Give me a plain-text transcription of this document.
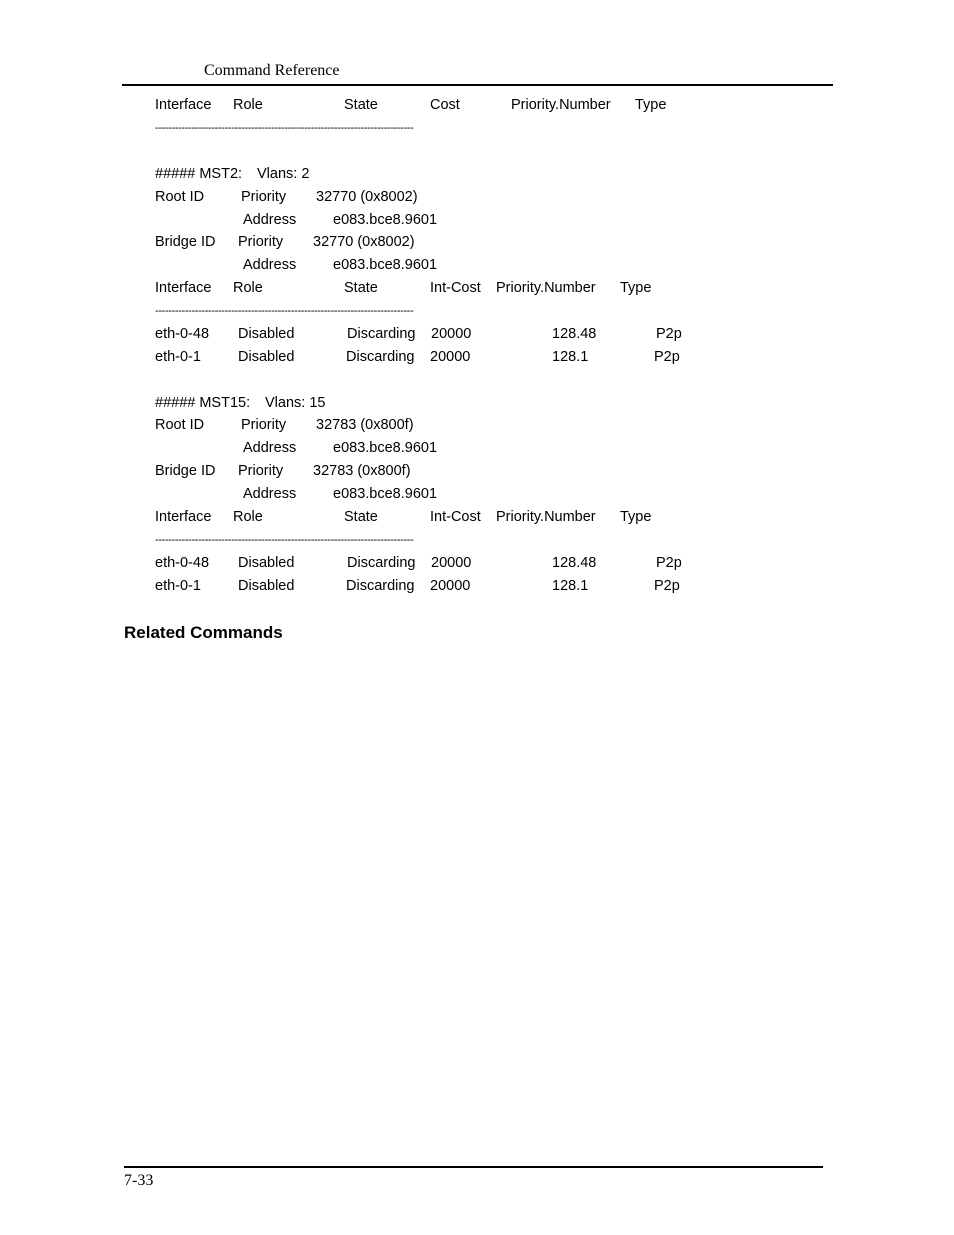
Command Reference
Interface Role	State	Cost	Priority.Number Type
------------------------------------------------------------------------------
##### MST2: Vlans: 2
Root ID	Priority 32770 (0x8002)
Address	e083.bce8.9601
Bridge ID Priority 32770 (0x8002)
Address	e083.bce8.9601
Interface Role	State	Int-Cost Priority.Number Type
------------------------------------------------------------------------------
eth-0-48 Disabled	Discarding 20000	128.48	P2p
eth-0-1	Disabled	Discarding 20000	128.1	P2p
##### MST15: Vlans: 15
Root ID	Priority 32783 (0x800f)
Address	e083.bce8.9601
Bridge ID Priority 32783 (0x800f)
Address	e083.bce8.9601
Interface Role	State	Int-Cost Priority.Number Type
------------------------------------------------------------------------------
eth-0-48 Disabled	Discarding 20000	128.48	P2p
eth-0-1	Disabled	Discarding 20000	128.1	P2p
Related Commands
7-33
